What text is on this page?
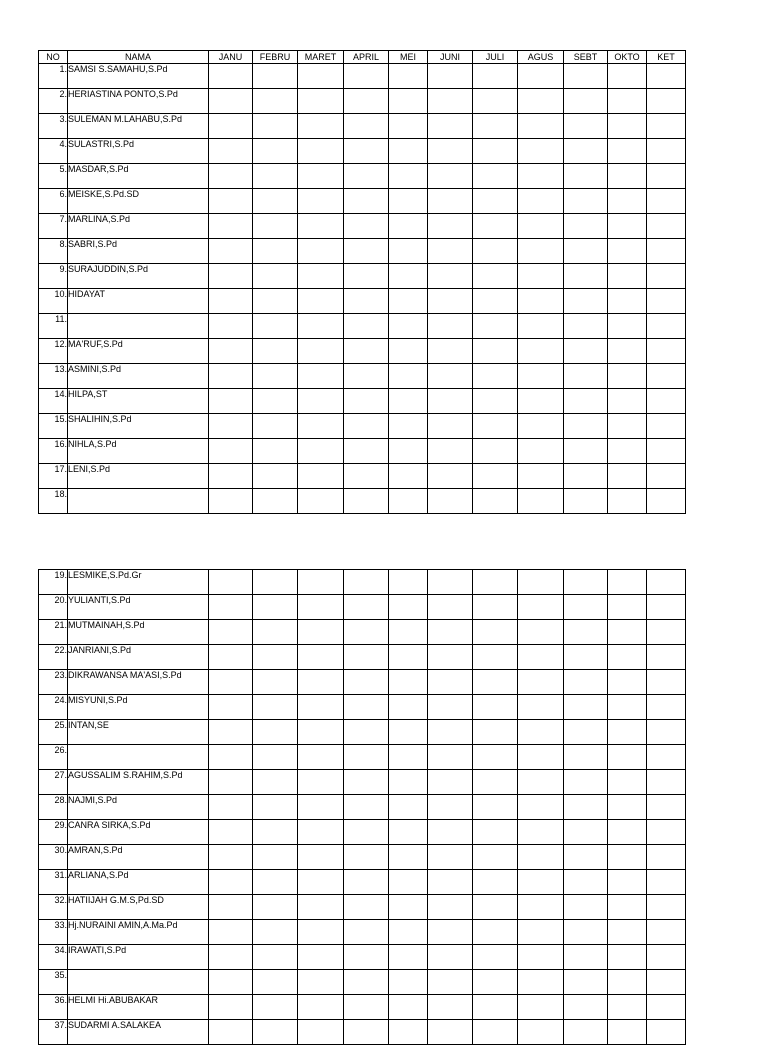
NO	NAMA	JANU	FEBRU	MARET	APRIL	MEI	JUNI	JULI	AGUS	SEBT	OKTO	KET
1.	SAMSI S.SAMAHU,S.Pd											
2.	HERIASTINA PONTO,S.Pd											
3.	SULEMAN M.LAHABU,S.Pd											
4.	SULASTRI,S.Pd											
5.	MASDAR,S.Pd											
6.	MEISKE,S.Pd.SD											
7.	MARLINA,S.Pd											
8.	SABRI,S.Pd											
9.	SURAJUDDIN,S.Pd											
10.	HIDAYAT											
11.												
12.	MA'RUF,S.Pd											
13.	ASMINI,S.Pd											
14.	HILPA,ST											
15.	SHALIHIN,S.Pd											
16.	NIHLA,S.Pd											
17.	LENI,S.Pd											
18.												
19.	LESMIKE,S.Pd.Gr											
20.	YULIANTI,S.Pd											
21.	MUTMAINAH,S.Pd											
22.	JANRIANI,S.Pd											
23.	DIKRAWANSA MA'ASI,S.Pd											
24.	MISYUNI,S.Pd											
25.	INTAN,SE											
26.												
27.	AGUSSALIM S.RAHIM,S.Pd											
28.	NAJMI,S.Pd											
29.	CANRA SIRKA,S.Pd											
30.	AMRAN,S.Pd											
31.	ARLIANA,S.Pd											
32.	HATIIJAH G.M.S,Pd.SD											
33.	Hj.NURAINI AMIN,A.Ma.Pd											
34.	IRAWATI,S.Pd											
35.												
36.	HELMI Hi.ABUBAKAR											
37.	SUDARMI A.SALAKEA											
